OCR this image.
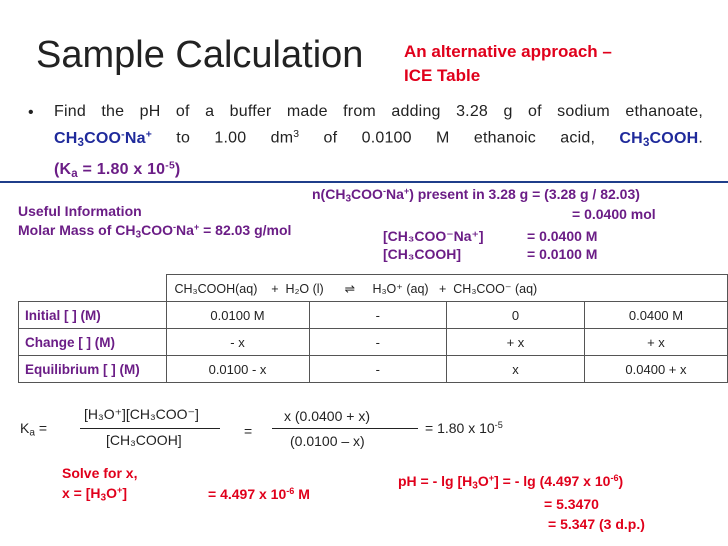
Sample Calculation An alternative approach –
ICE Table
• Find the pH of a buffer made from adding 3.28 g of sodium ethanoate,
$CH_3COO^-Na^+$ to 1.00 $dm^3$ of 0.0100 M ethanoic acid, $CH_3COOH$.
($K_a = 1.80$ x $10^{-5}$)
$n(CH_3COO^-Na^+)$ present in 3.28 g = (3.28 g / 82.03)
= 0.0400 mol
Useful Information
Molar Mass of $CH_3COO^-Na^+ = 82.03$ g/mol	[CH₃COO⁻Na⁺]	= 0.0400 M
[CH₃COOH]	= 0.0100 M
	CH₃COOH(aq) + H₂O (l) ⇌ H₃O⁺ (aq) + CH₃COO⁻ (aq)			
Initial [ ] (M)	0.0100 M	-	0	0.0400 M
Change [ ] (M)	- x	-	+ x	+ x
Equilibrium [ ] (M)	0.0100 - x	-	x	0.0400 + x
$K_a$ =
[H₃O⁺][CH₃COO⁻]
[CH₃COOH]
=
x (0.0400 + x)
(0.0100 – x)
= 1.80 x $10^{-5}$
Solve for x,
$x = [H_3O^+]$	= 4.497 x $10^{-6}$ M
pH = - $\lg [H_3O^+]$ = - lg (4.497 x $10^{-6}$)
= 5.3470
= 5.347 (3 d.p.)
